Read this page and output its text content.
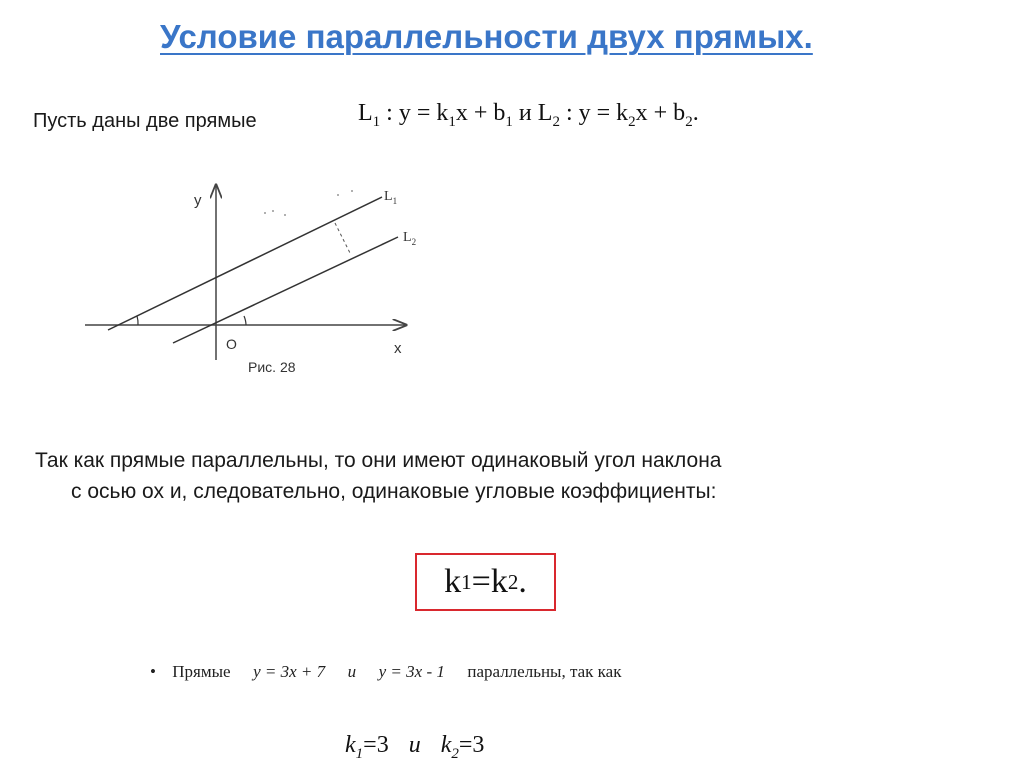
Условие параллельности двух прямых.
Пусть даны две прямые	$L_1$ : $y = k_1x + b_1$ и $L_2$ : $y = k_2x + b_2$.
y
x
O
$L_1$
$L_2$
Рис. 28
Так как прямые параллельны, то они имеют одинаковый угол наклона
с осью ох и, следовательно, одинаковые угловые коэффициенты:
k 1 = k 2 .
• Прямые y = 3x + 7 и y = 3x - 1 параллельны, так как
$k_1=3$ и $k_2=3$
